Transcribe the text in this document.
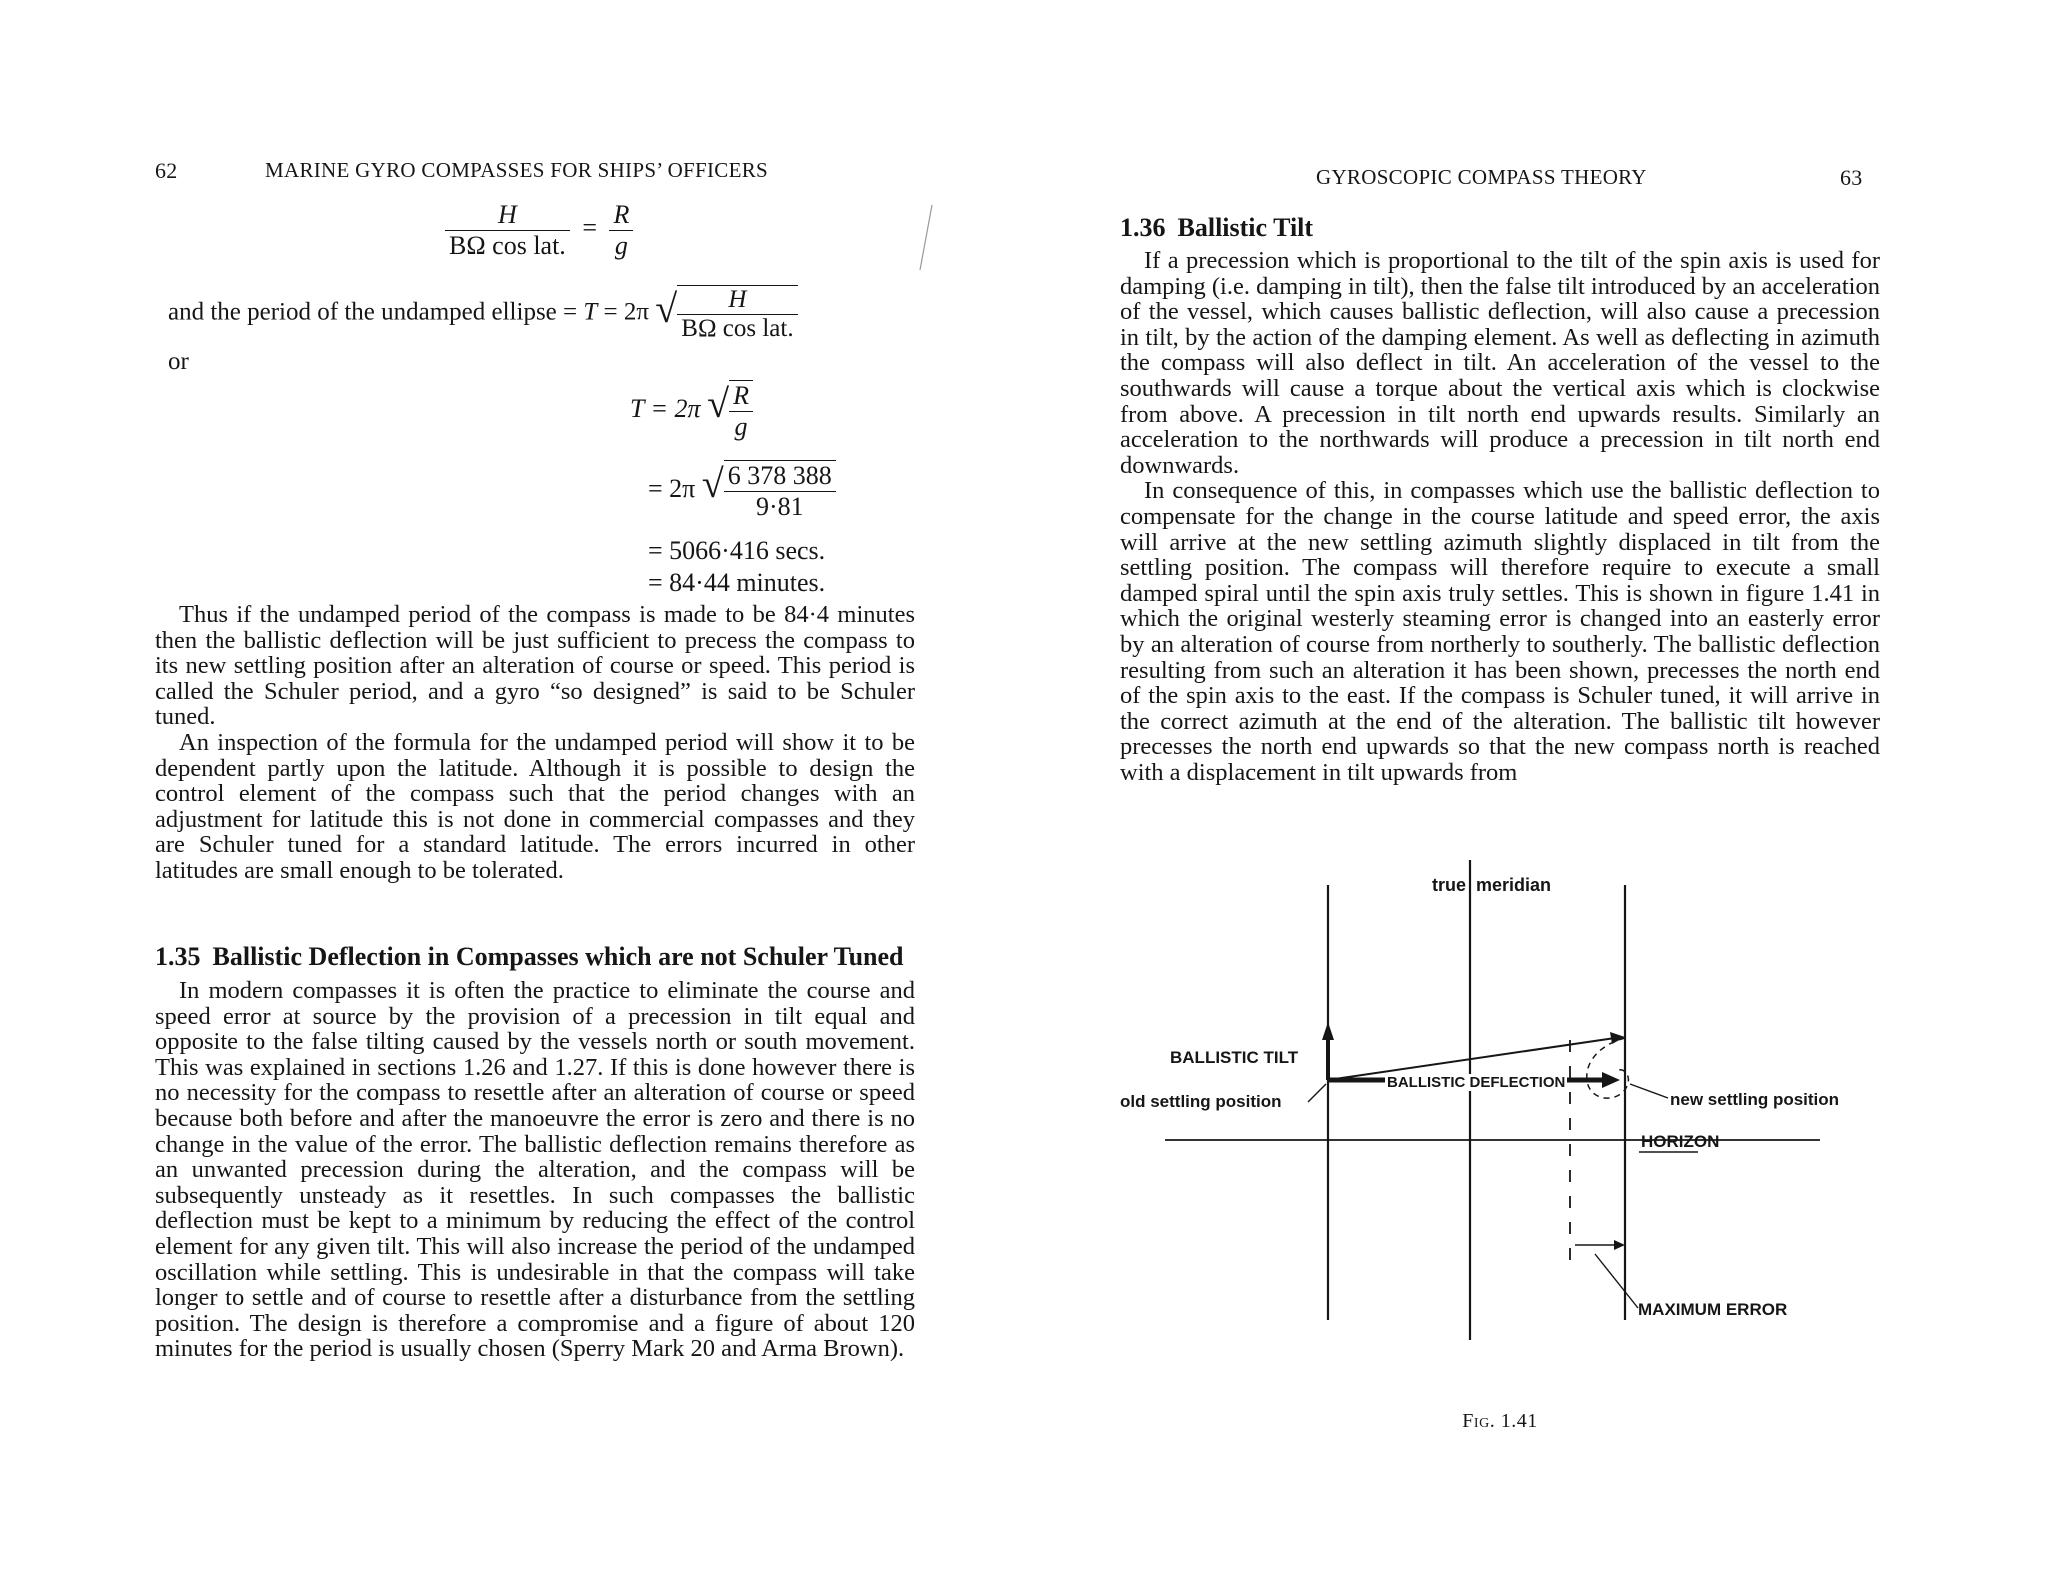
62	MARINE GYRO COMPASSES FOR SHIPS’ OFFICERS
$\frac{H}{\text{BΩ cos lat.}} = \frac{R}{g}$
and the period of the undamped ellipse = T = 2π √ $\frac{H}{\text{BΩ cos lat.}}$
or
T = 2π √ $\frac{R}{g}$
= 2π √ $\frac{6 378 388}{9\cdot 81}$
= 5066·416 secs.
= 84·44 minutes.

Thus if the undamped period of the compass is made to be 84·4 minutes then the ballistic deflection will be just sufficient to precess the compass to its new settling position after an alteration of course or speed. This period is called the Schuler period, and a gyro “so designed” is said to be Schuler tuned.

An inspection of the formula for the undamped period will show it to be dependent partly upon the latitude. Although it is possible to design the control element of the compass such that the period changes with an adjustment for latitude this is not done in commercial compasses and they are Schuler tuned for a standard latitude. The errors incurred in other latitudes are small enough to be tolerated.

1.35 Ballistic Deflection in Compasses which are not Schuler Tuned

In modern compasses it is often the practice to eliminate the course and speed error at source by the provision of a precession in tilt equal and opposite to the false tilting caused by the vessels north or south movement. This was explained in sections 1.26 and 1.27. If this is done however there is no necessity for the compass to resettle after an alteration of course or speed because both before and after the manoeuvre the error is zero and there is no change in the value of the error. The ballistic deflection remains therefore as an unwanted precession during the alteration, and the compass will be subsequently unsteady as it resettles. In such compasses the ballistic deflection must be kept to a minimum by reducing the effect of the control element for any given tilt. This will also increase the period of the undamped oscillation while settling. This is undesirable in that the compass will take longer to settle and of course to resettle after a disturbance from the settling position. The design is therefore a compromise and a figure of about 120 minutes for the period is usually chosen (Sperry Mark 20 and Arma Brown).

GYROSCOPIC COMPASS THEORY	63
1.36 Ballistic Tilt

If a precession which is proportional to the tilt of the spin axis is used for damping (i.e. damping in tilt), then the false tilt introduced by an acceleration of the vessel, which causes ballistic deflection, will also cause a precession in tilt, by the action of the damping element. As well as deflecting in azimuth the compass will also deflect in tilt. An acceleration of the vessel to the southwards will cause a torque about the vertical axis which is clockwise from above. A precession in tilt north end upwards results. Similarly an acceleration to the northwards will produce a precession in tilt north end downwards.

In consequence of this, in compasses which use the ballistic deflection to compensate for the change in the course latitude and speed error, the axis will arrive at the new settling azimuth slightly displaced in tilt from the settling position. The compass will therefore require to execute a small damped spiral until the spin axis truly settles. This is shown in figure 1.41 in which the original westerly steaming error is changed into an easterly error by an alteration of course from northerly to southerly. The ballistic deflection resulting from such an alteration it has been shown, precesses the north end of the spin axis to the east. If the compass is Schuler tuned, it will arrive in the correct azimuth at the end of the alteration. The ballistic tilt however precesses the north end upwards so that the new compass north is reached with a displacement in tilt upwards from

true meridian
BALLISTIC TILT
old settling position
BALLISTIC DEFLECTION
new settling position
HORIZON
MAXIMUM ERROR
Fig. 1.41
